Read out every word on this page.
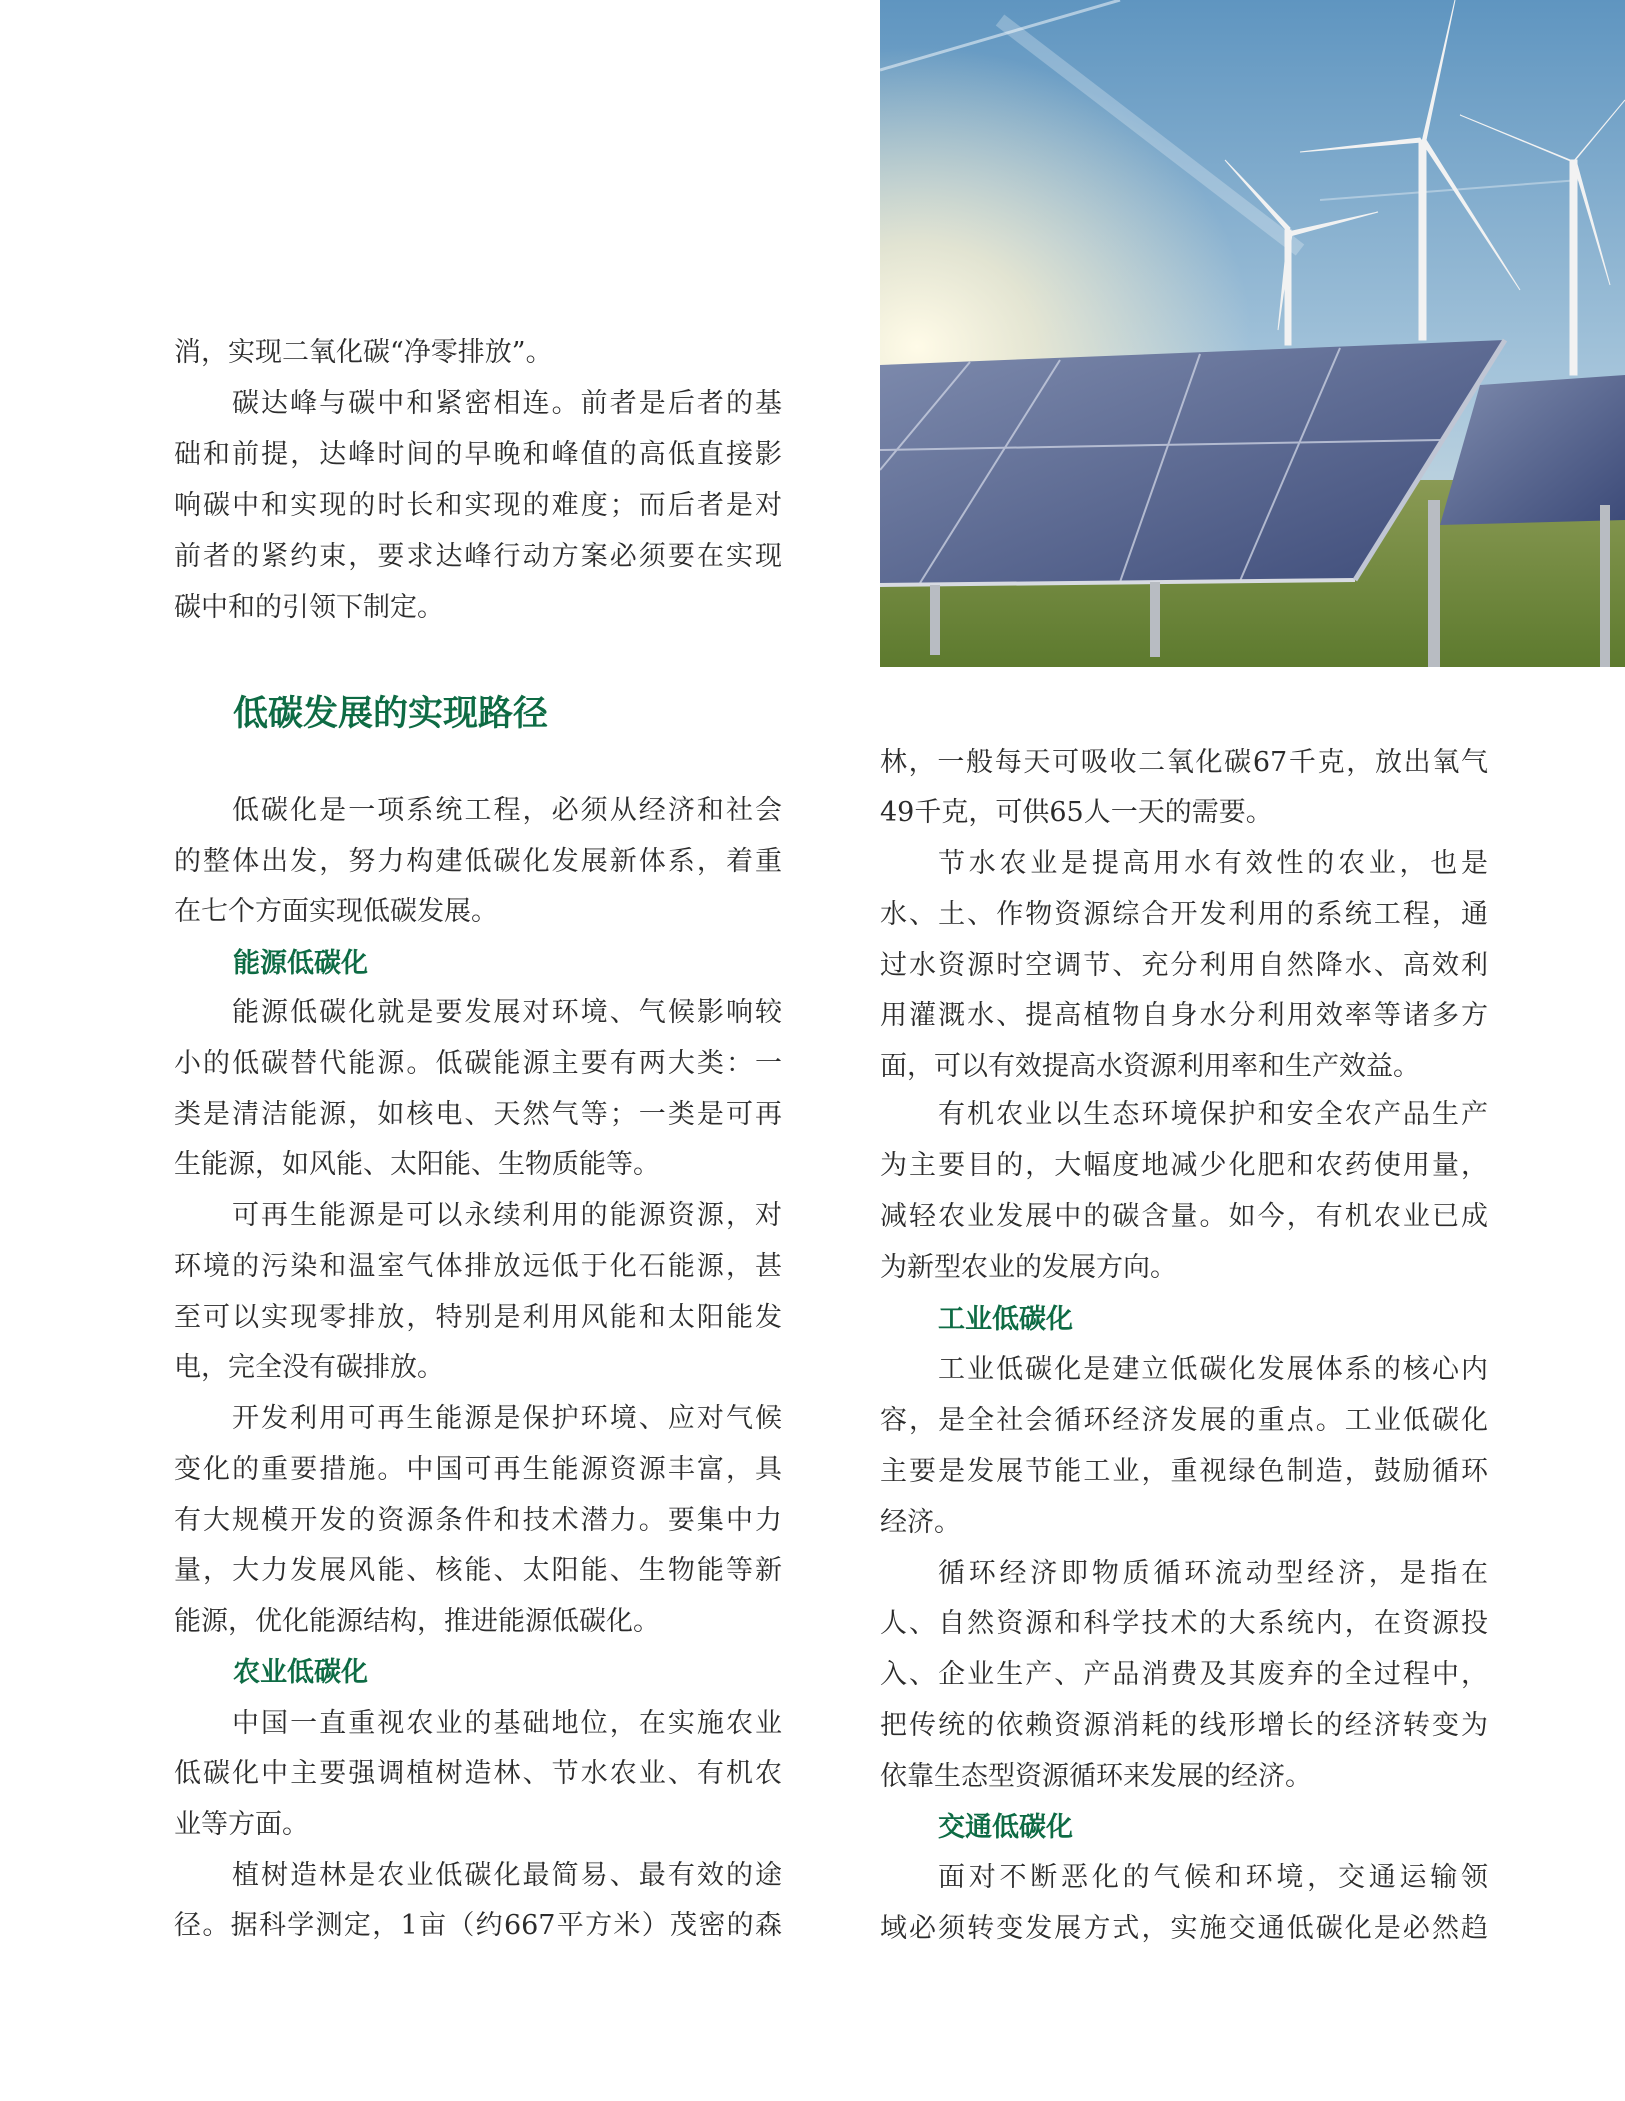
消，实现二氧化碳“净零排放”。
碳达峰与碳中和紧密相连。前者是后者的基
础和前提，达峰时间的早晚和峰值的高低直接影
响碳中和实现的时长和实现的难度；而后者是对
前者的紧约束，要求达峰行动方案必须要在实现
碳中和的引领下制定。
低碳发展的实现路径
低碳化是一项系统工程，必须从经济和社会
的整体出发，努力构建低碳化发展新体系，着重
在七个方面实现低碳发展。
能源低碳化
能源低碳化就是要发展对环境、气候影响较
小的低碳替代能源。低碳能源主要有两大类：一
类是清洁能源，如核电、天然气等；一类是可再
生能源，如风能、太阳能、生物质能等。
可再生能源是可以永续利用的能源资源，对
环境的污染和温室气体排放远低于化石能源，甚
至可以实现零排放，特别是利用风能和太阳能发
电，完全没有碳排放。
开发利用可再生能源是保护环境、应对气候
变化的重要措施。中国可再生能源资源丰富，具
有大规模开发的资源条件和技术潜力。要集中力
量，大力发展风能、核能、太阳能、生物能等新
能源，优化能源结构，推进能源低碳化。
农业低碳化
中国一直重视农业的基础地位，在实施农业
低碳化中主要强调植树造林、节水农业、有机农
业等方面。
植树造林是农业低碳化最简易、最有效的途
径。据科学测定，1亩（约667平方米）茂密的森
林，一般每天可吸收二氧化碳67千克，放出氧气
49千克，可供65人一天的需要。
节水农业是提高用水有效性的农业，也是
水、土、作物资源综合开发利用的系统工程，通
过水资源时空调节、充分利用自然降水、高效利
用灌溉水、提高植物自身水分利用效率等诸多方
面，可以有效提高水资源利用率和生产效益。
有机农业以生态环境保护和安全农产品生产
为主要目的，大幅度地减少化肥和农药使用量，
减轻农业发展中的碳含量。如今，有机农业已成
为新型农业的发展方向。
工业低碳化
工业低碳化是建立低碳化发展体系的核心内
容，是全社会循环经济发展的重点。工业低碳化
主要是发展节能工业，重视绿色制造，鼓励循环
经济。
循环经济即物质循环流动型经济，是指在
人、自然资源和科学技术的大系统内，在资源投
入、企业生产、产品消费及其废弃的全过程中，
把传统的依赖资源消耗的线形增长的经济转变为
依靠生态型资源循环来发展的经济。
交通低碳化
面对不断恶化的气候和环境，交通运输领
域必须转变发展方式，实施交通低碳化是必然趋
